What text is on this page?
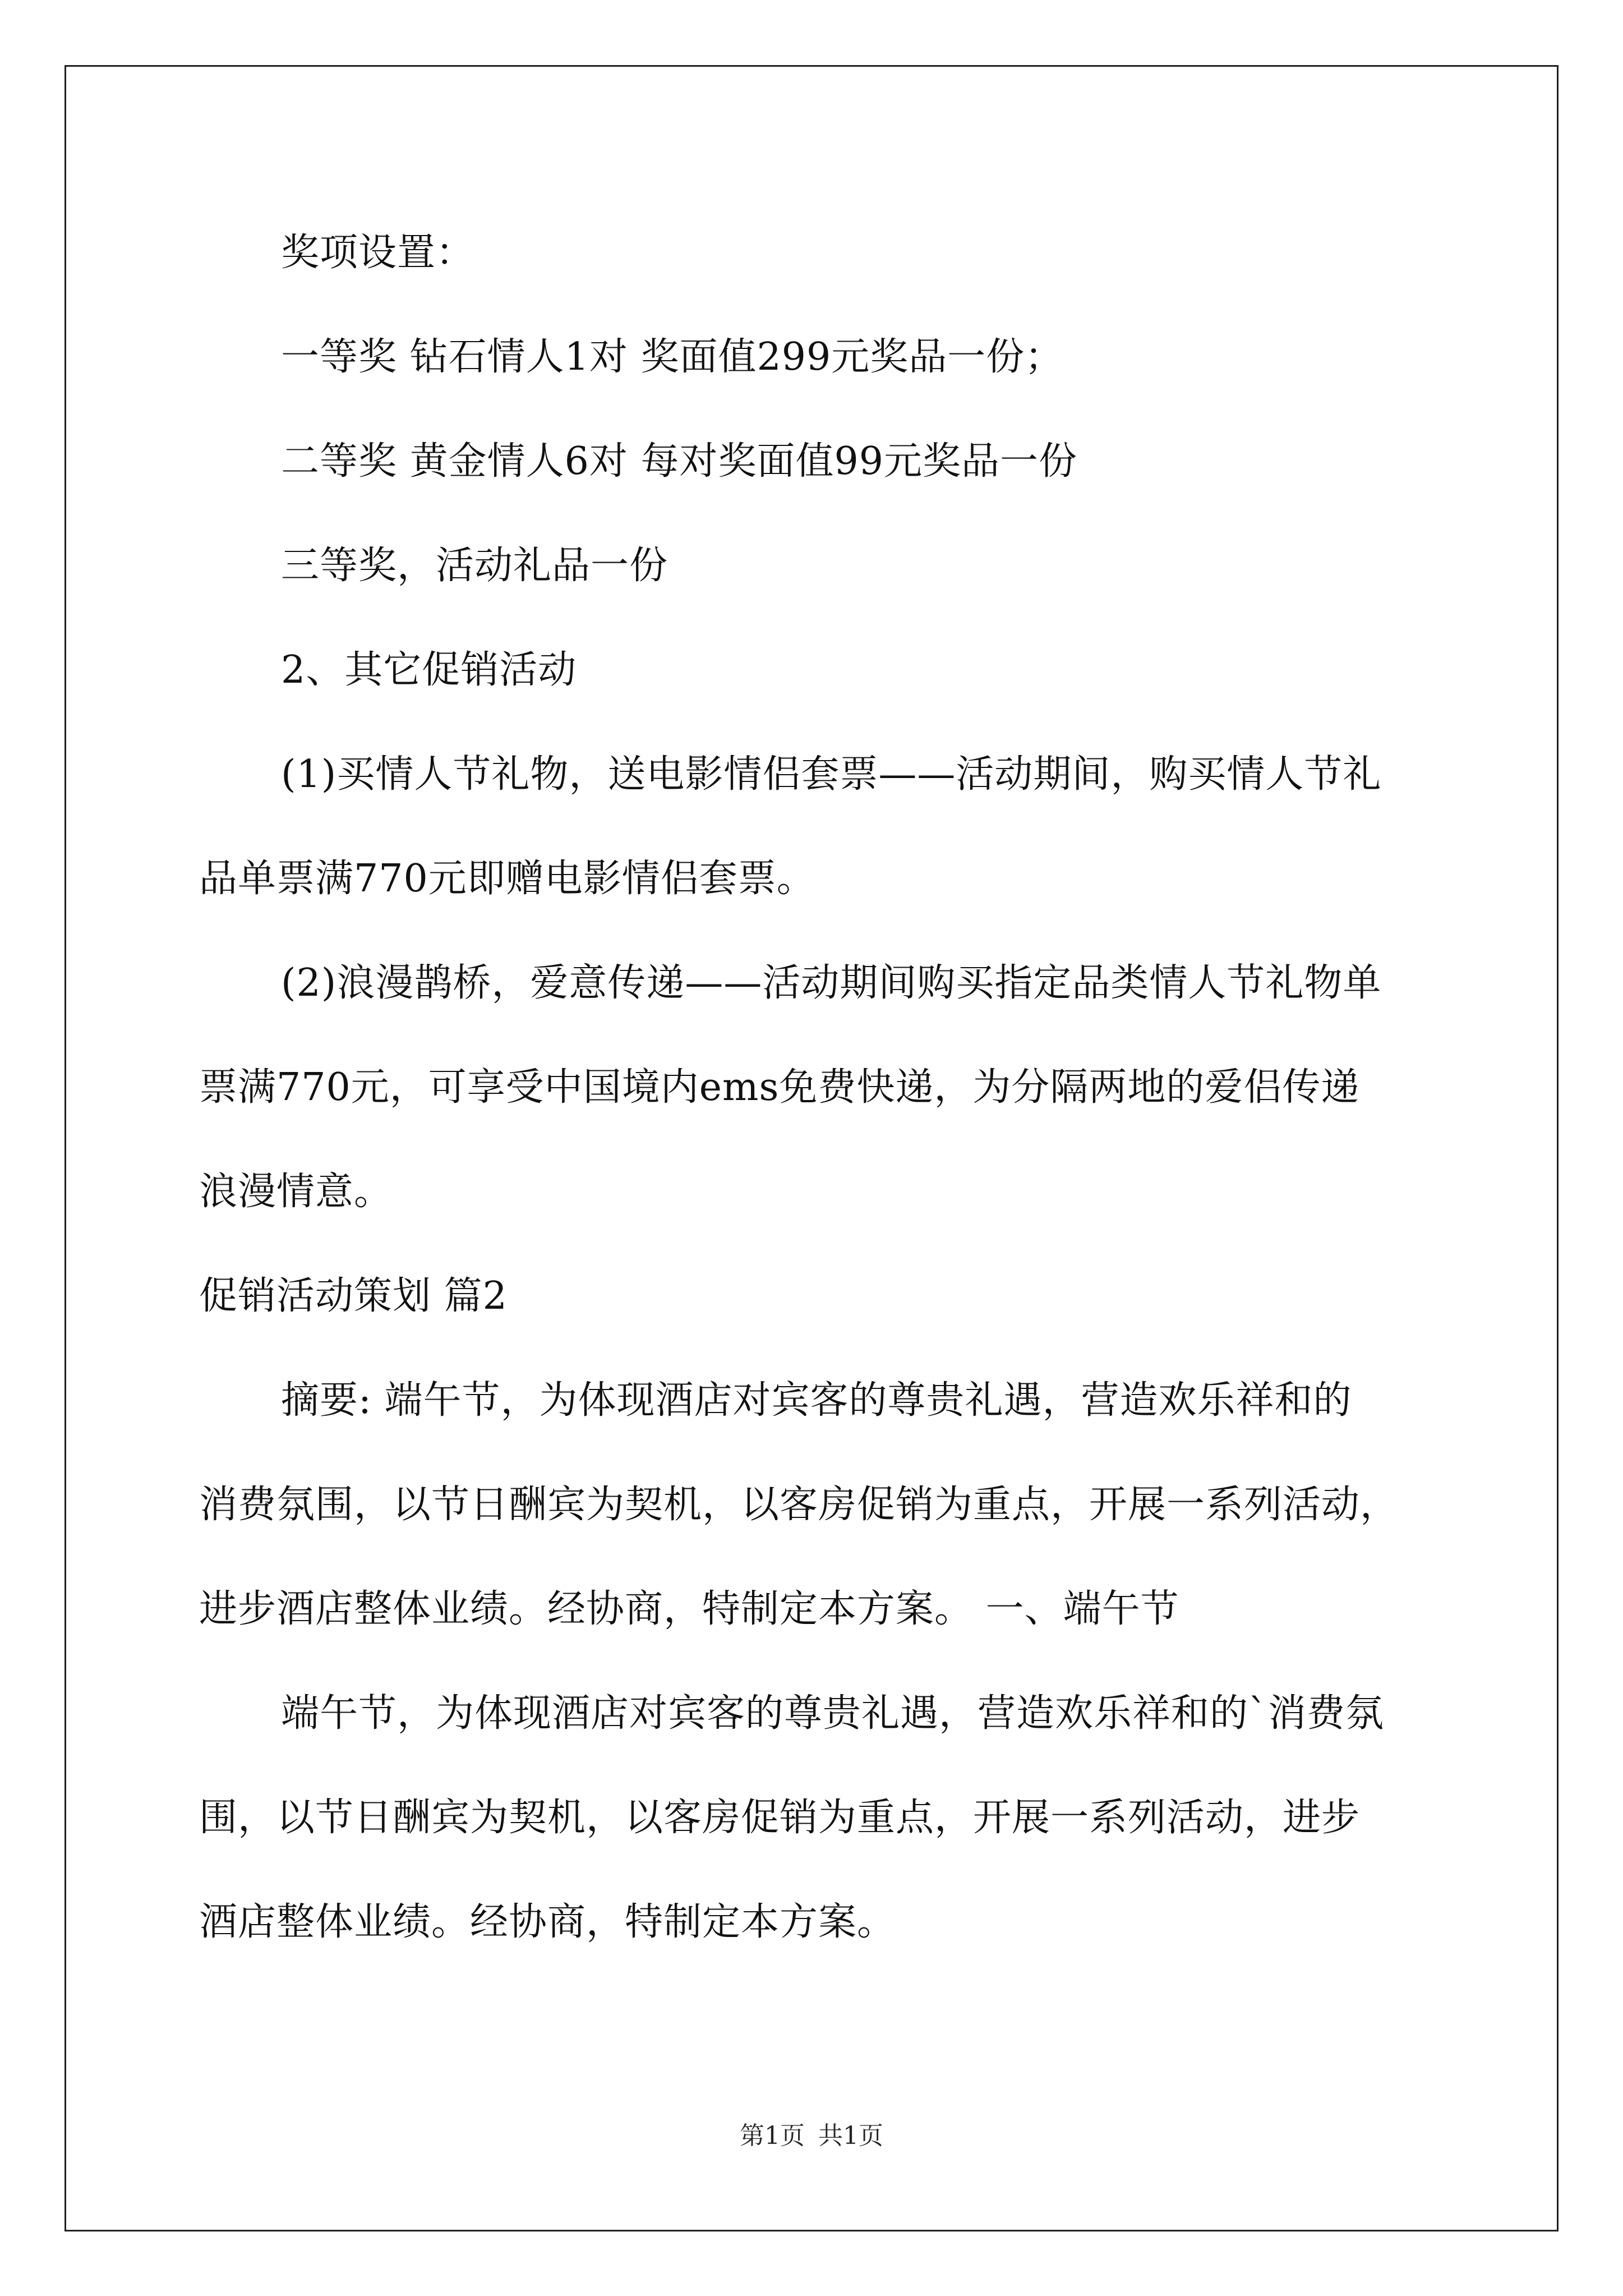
奖项设置：
一等奖 钻石情人1对 奖面值299元奖品一份；
二等奖 黄金情人6对 每对奖面值99元奖品一份
三等奖，活动礼品一份
2、其它促销活动
(1)买情人节礼物，送电影情侣套票——活动期间，购买情人节礼
品单票满770元即赠电影情侣套票。
(2)浪漫鹊桥，爱意传递——活动期间购买指定品类情人节礼物单
票满770元，可享受中国境内ems免费快递，为分隔两地的爱侣传递
浪漫情意。
促销活动策划 篇2
摘要: 端午节，为体现酒店对宾客的尊贵礼遇，营造欢乐祥和的
消费氛围，以节日酬宾为契机，以客房促销为重点，开展一系列活动，
进步酒店整体业绩。经协商，特制定本方案。 一、端午节
端午节，为体现酒店对宾客的尊贵礼遇，营造欢乐祥和的`消费氛
围，以节日酬宾为契机，以客房促销为重点，开展一系列活动，进步
酒店整体业绩。经协商，特制定本方案。
第1页 共1页
